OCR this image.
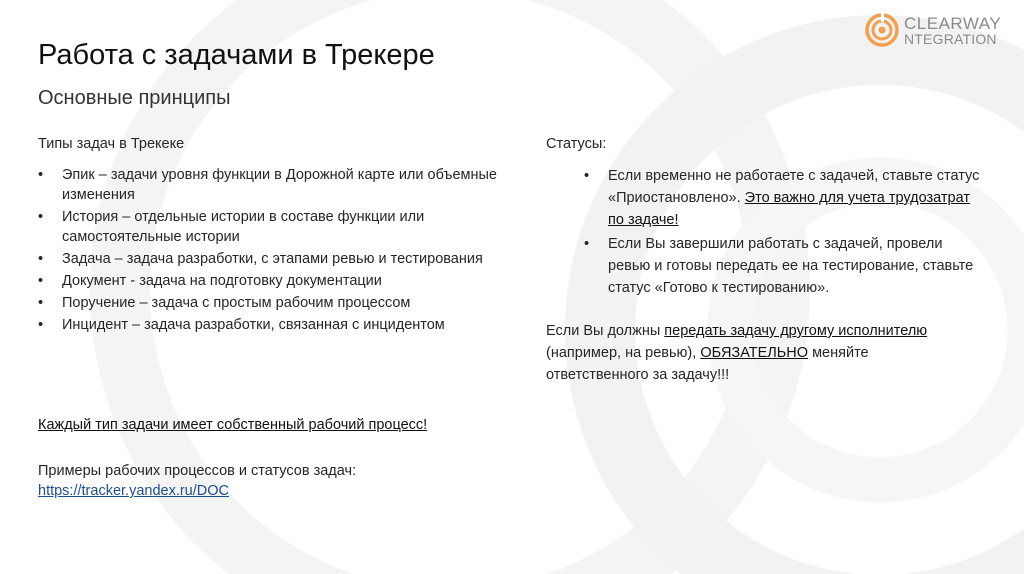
CLEARWAY
NTEGRATION
Работа с задачами в Трекере
Основные принципы
Типы задач в Трекеке
• Эпик – задачи уровня функции в Дорожной карте или объемные изменения
• История – отдельные истории в составе функции или самостоятельные истории
• Задача – задача разработки, с этапами ревью и тестирования
• Документ - задача на подготовку документации
• Поручение – задача с простым рабочим процессом
• Инцидент – задача разработки, связанная с инцидентом
Каждый тип задачи имеет собственный рабочий процесс!
Примеры рабочих процессов и статусов задач:
https://tracker.yandex.ru/DOC
Статусы:
• Если временно не работаете с задачей, ставьте статус «Приостановлено». Это важно для учета трудозатрат по задаче!
• Если Вы завершили работать с задачей, провели ревью и готовы передать ее на тестирование, ставьте статус «Готово к тестированию».
Если Вы должны передать задачу другому исполнителю (например, на ревью), ОБЯЗАТЕЛЬНО меняйте ответственного за задачу!!!
